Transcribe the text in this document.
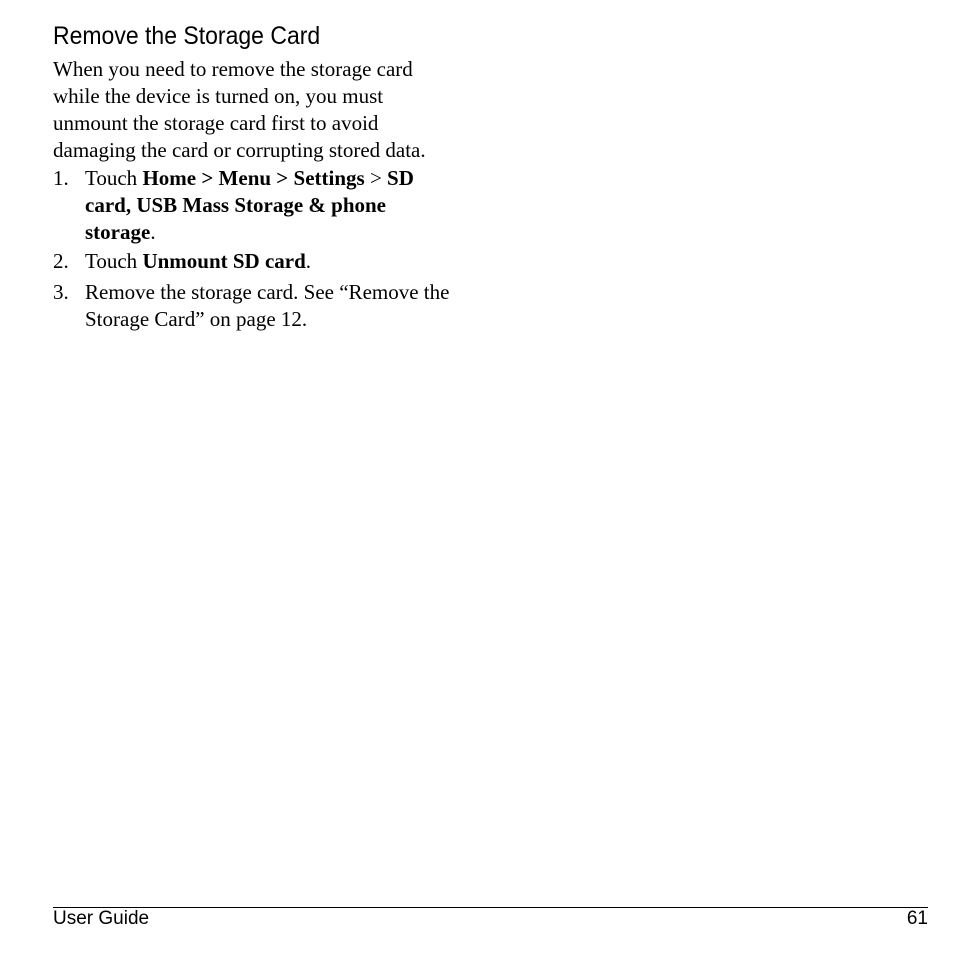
Remove the Storage Card

When you need to remove the storage card
while the device is turned on, you must
unmount the storage card first to avoid
damaging the card or corrupting stored data.

1. Touch Home > Menu > Settings > SD
card, USB Mass Storage & phone
storage.
2. Touch Unmount SD card.
3. Remove the storage card. See “Remove the
Storage Card” on page 12.
User Guide	61
